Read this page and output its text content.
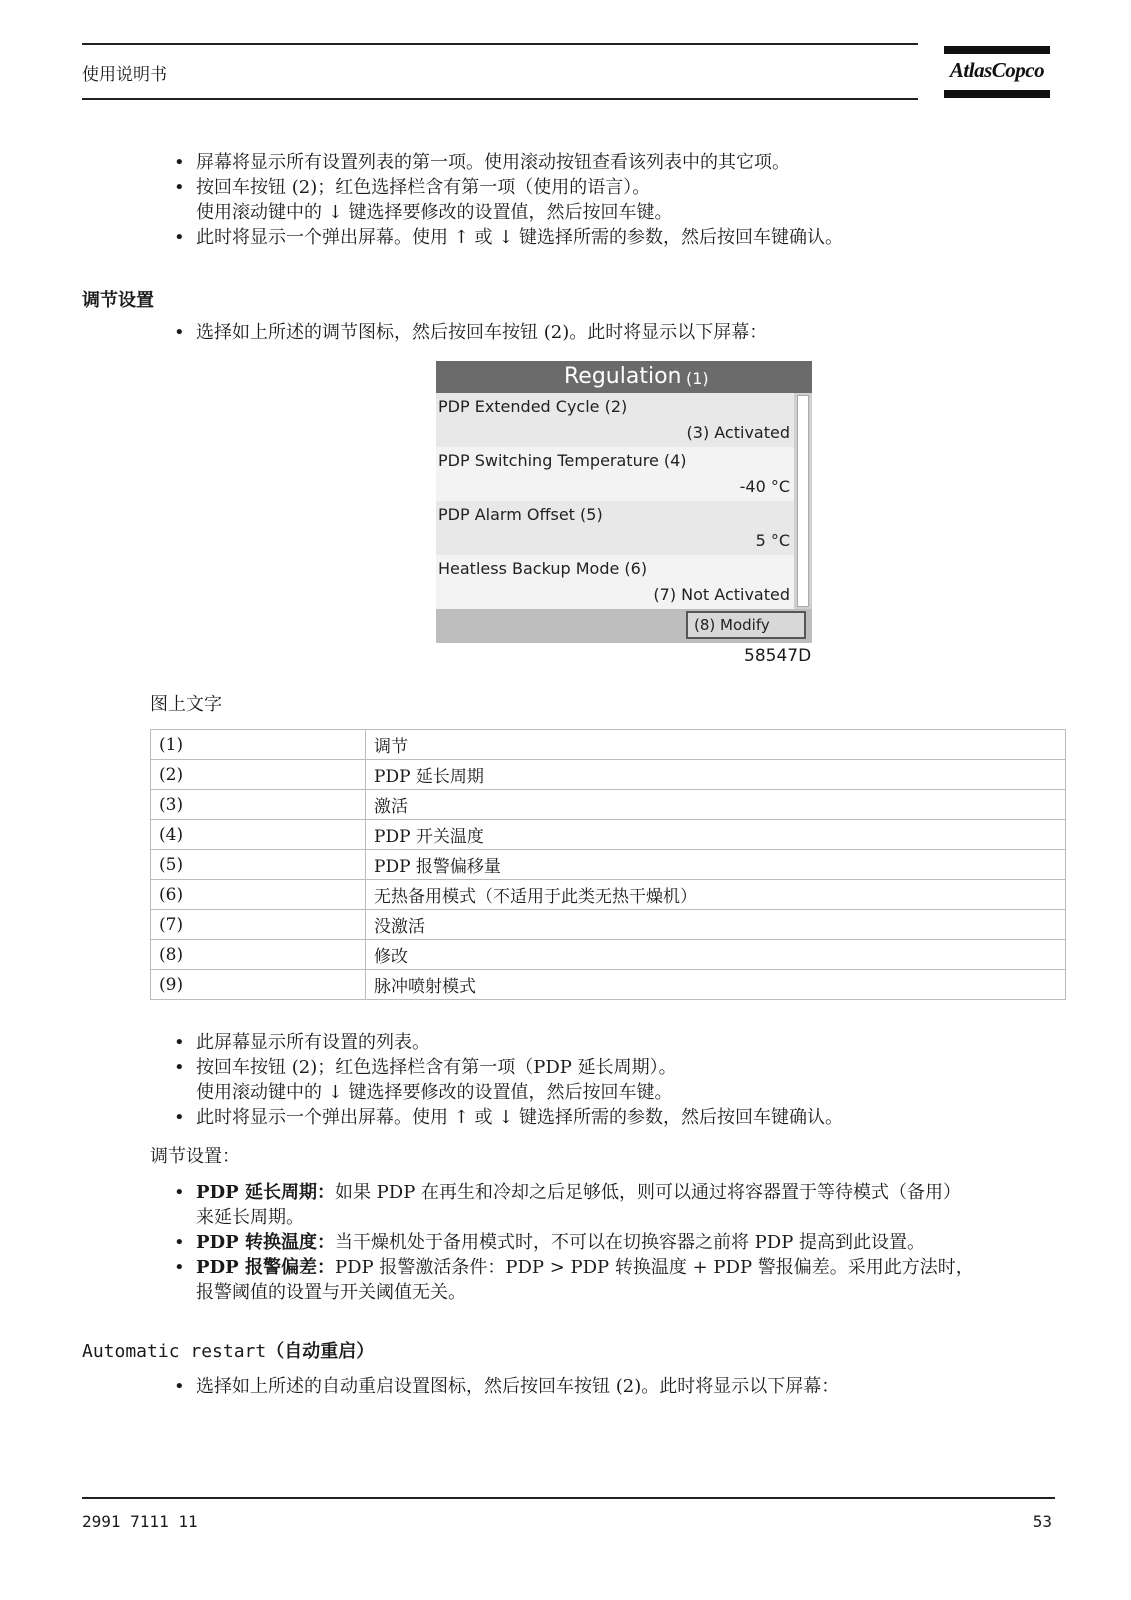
使用说明书	AtlasCopco
• 屏幕将显示所有设置列表的第一项。使用滚动按钮查看该列表中的其它项。
• 按回车按钮 (2)；红色选择栏含有第一项（使用的语言）。
使用滚动键中的 ↓ 键选择要修改的设置值，然后按回车键。
• 此时将显示一个弹出屏幕。使用 ↑ 或 ↓ 键选择所需的参数，然后按回车键确认。
调节设置
• 选择如上所述的调节图标，然后按回车按钮 (2)。此时将显示以下屏幕：
Regulation (1)
PDP Extended Cycle (2)
(3) Activated
PDP Switching Temperature (4)
-40 °C
PDP Alarm Offset (5)
5 °C
Heatless Backup Mode (6)
(7) Not Activated
(8) Modify
58547D
图上文字
(1)	调节
(2)	PDP 延长周期
(3)	激活
(4)	PDP 开关温度
(5)	PDP 报警偏移量
(6)	无热备用模式（不适用于此类无热干燥机）
(7)	没激活
(8)	修改
(9)	脉冲喷射模式
• 此屏幕显示所有设置的列表。
• 按回车按钮 (2)；红色选择栏含有第一项（PDP 延长周期）。
使用滚动键中的 ↓ 键选择要修改的设置值，然后按回车键。
• 此时将显示一个弹出屏幕。使用 ↑ 或 ↓ 键选择所需的参数，然后按回车键确认。
调节设置：
• PDP 延长周期：如果 PDP 在再生和冷却之后足够低，则可以通过将容器置于等待模式（备用）
来延长周期。
• PDP 转换温度：当干燥机处于备用模式时，不可以在切换容器之前将 PDP 提高到此设置。
• PDP 报警偏差：PDP 报警激活条件：PDP > PDP 转换温度 + PDP 警报偏差。采用此方法时，
报警阈值的设置与开关阈值无关。
Automatic restart（自动重启）
• 选择如上所述的自动重启设置图标，然后按回车按钮 (2)。此时将显示以下屏幕：
2991 7111 11	53
